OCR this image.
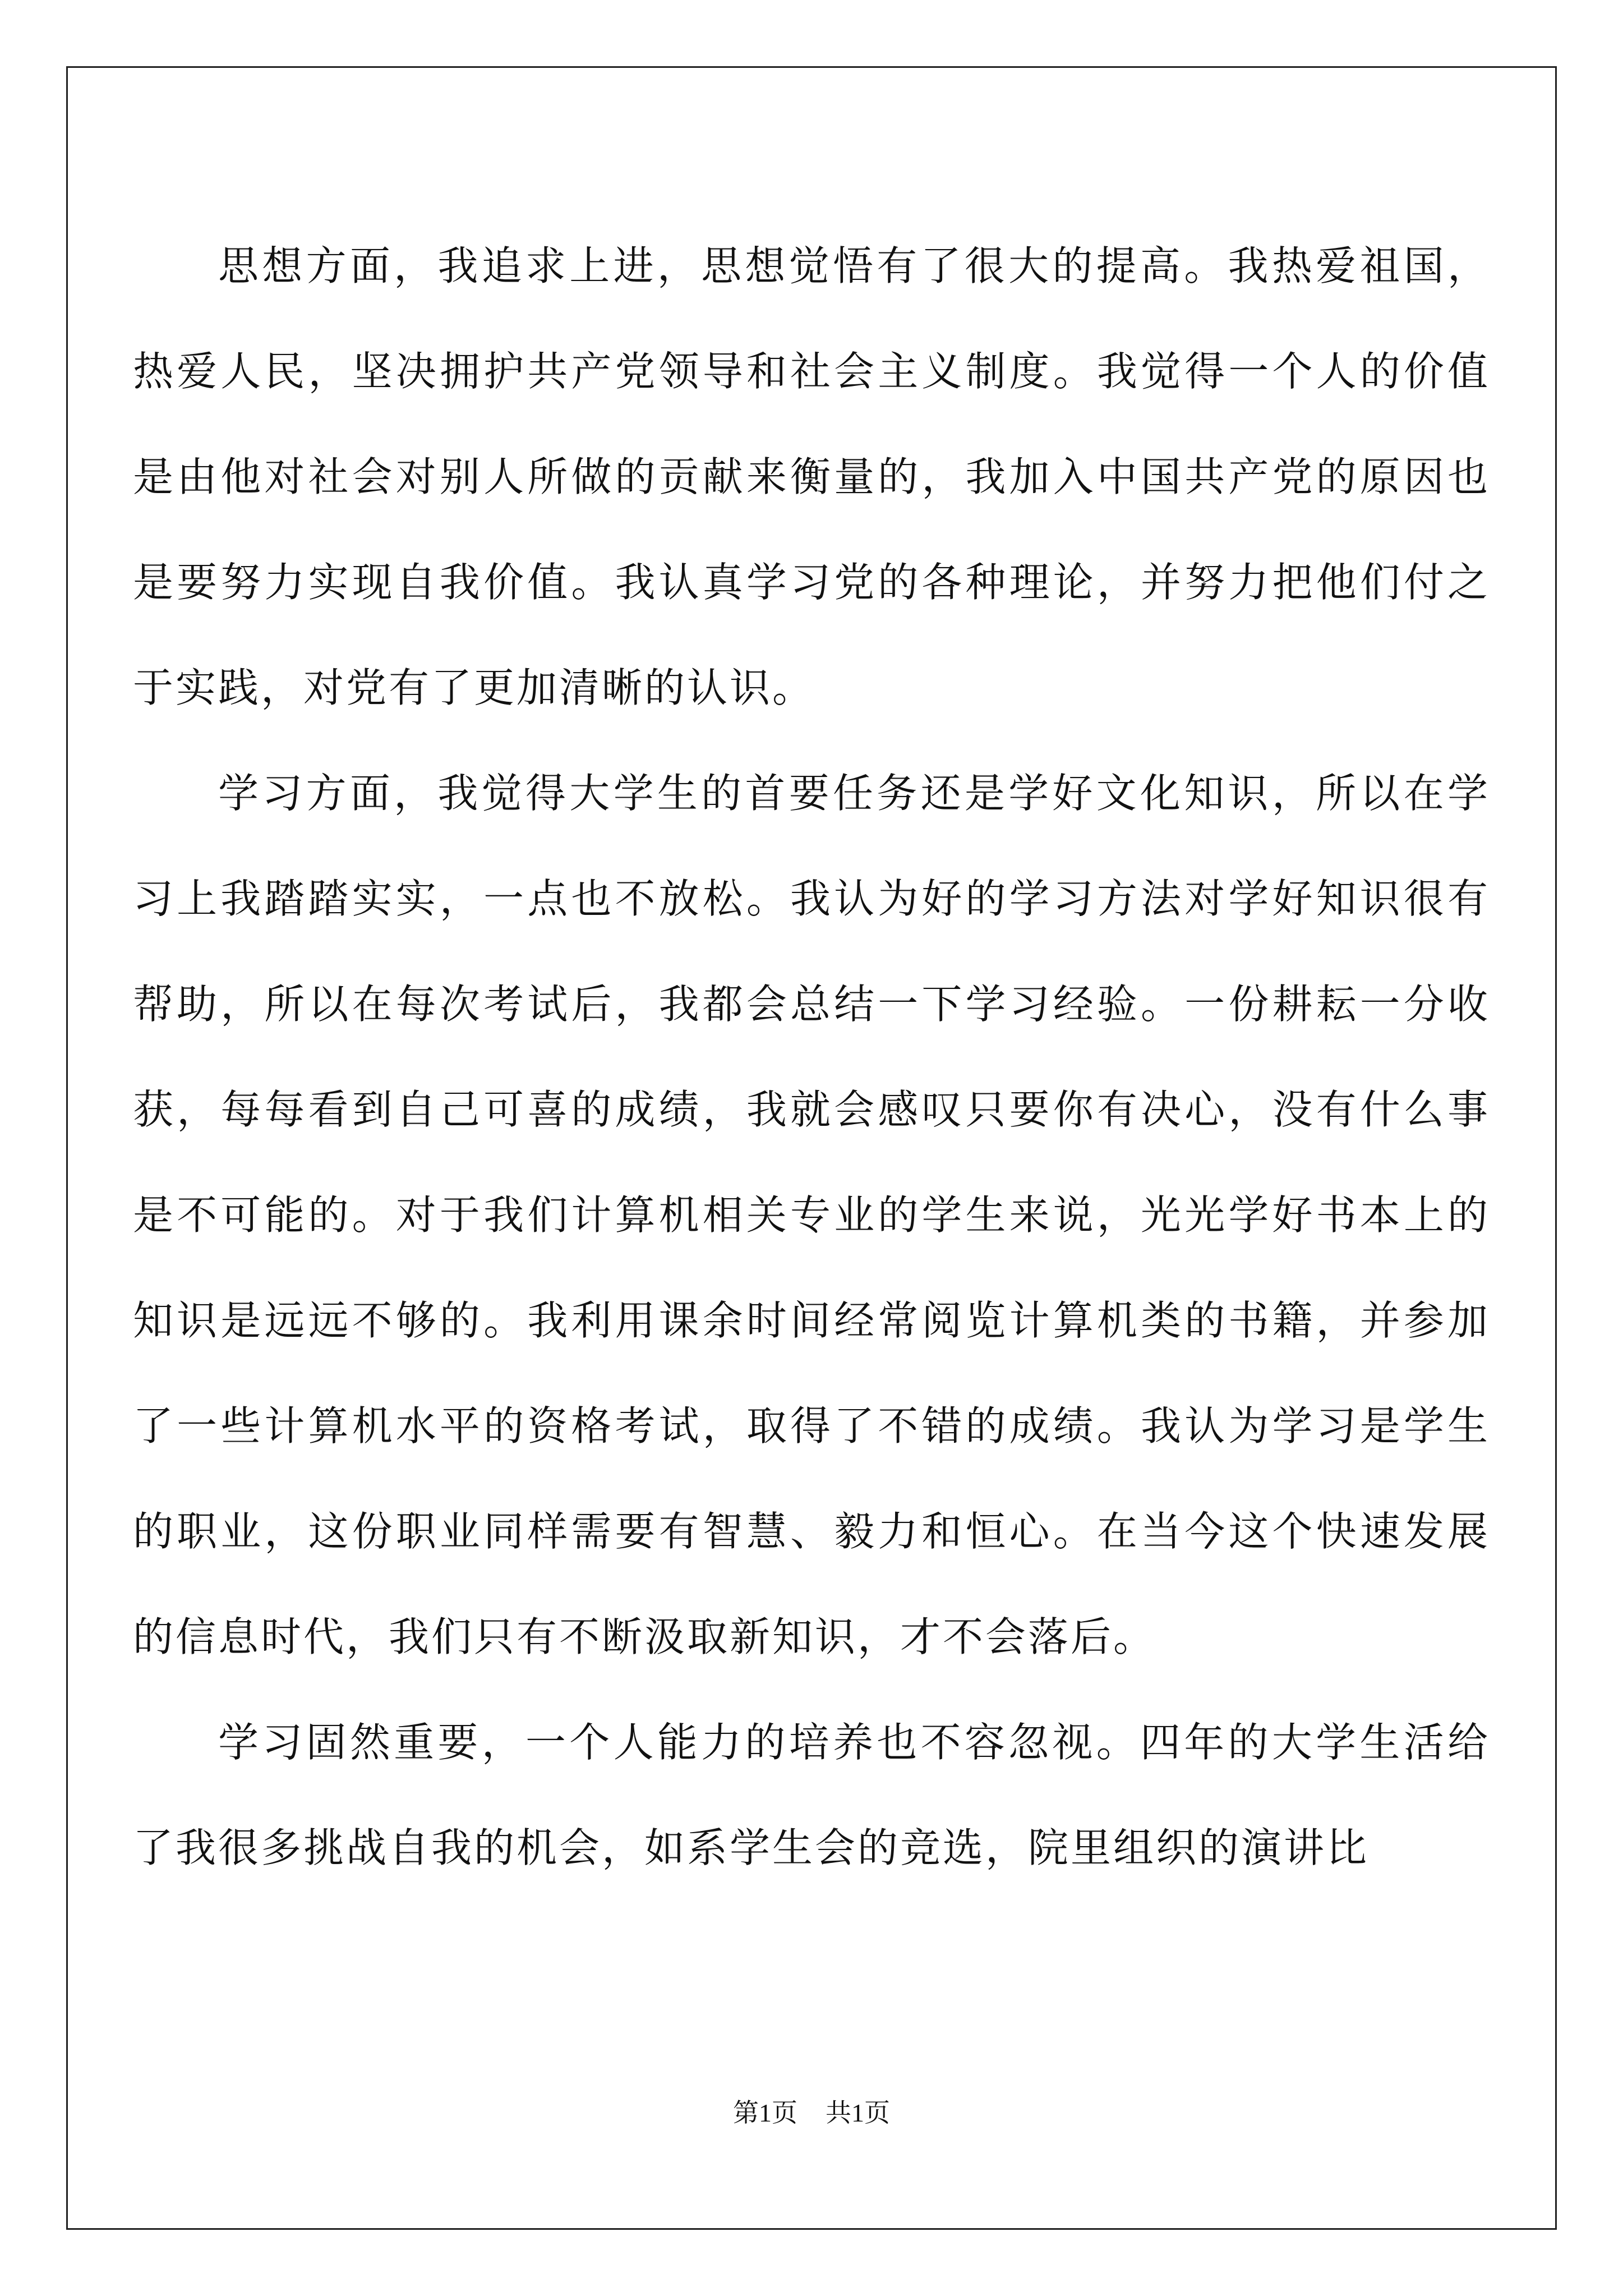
思想方面，我追求上进，思想觉悟有了很大的提高。我热爱祖国，热爱人民，坚决拥护共产党领导和社会主义制度。我觉得一个人的价值是由他对社会对别人所做的贡献来衡量的，我加入中国共产党的原因也是要努力实现自我价值。我认真学习党的各种理论，并努力把他们付之于实践，对党有了更加清晰的认识。

学习方面，我觉得大学生的首要任务还是学好文化知识，所以在学习上我踏踏实实，一点也不放松。我认为好的学习方法对学好知识很有帮助，所以在每次考试后，我都会总结一下学习经验。一份耕耘一分收获，每每看到自己可喜的成绩，我就会感叹只要你有决心，没有什么事是不可能的。对于我们计算机相关专业的学生来说，光光学好书本上的知识是远远不够的。我利用课余时间经常阅览计算机类的书籍，并参加了一些计算机水平的资格考试，取得了不错的成绩。我认为学习是学生的职业，这份职业同样需要有智慧、毅力和恒心。在当今这个快速发展的信息时代，我们只有不断汲取新知识，才不会落后。

学习固然重要，一个人能力的培养也不容忽视。四年的大学生活给了我很多挑战自我的机会，如系学生会的竞选，院里组织的演讲比

第1页 共1页
